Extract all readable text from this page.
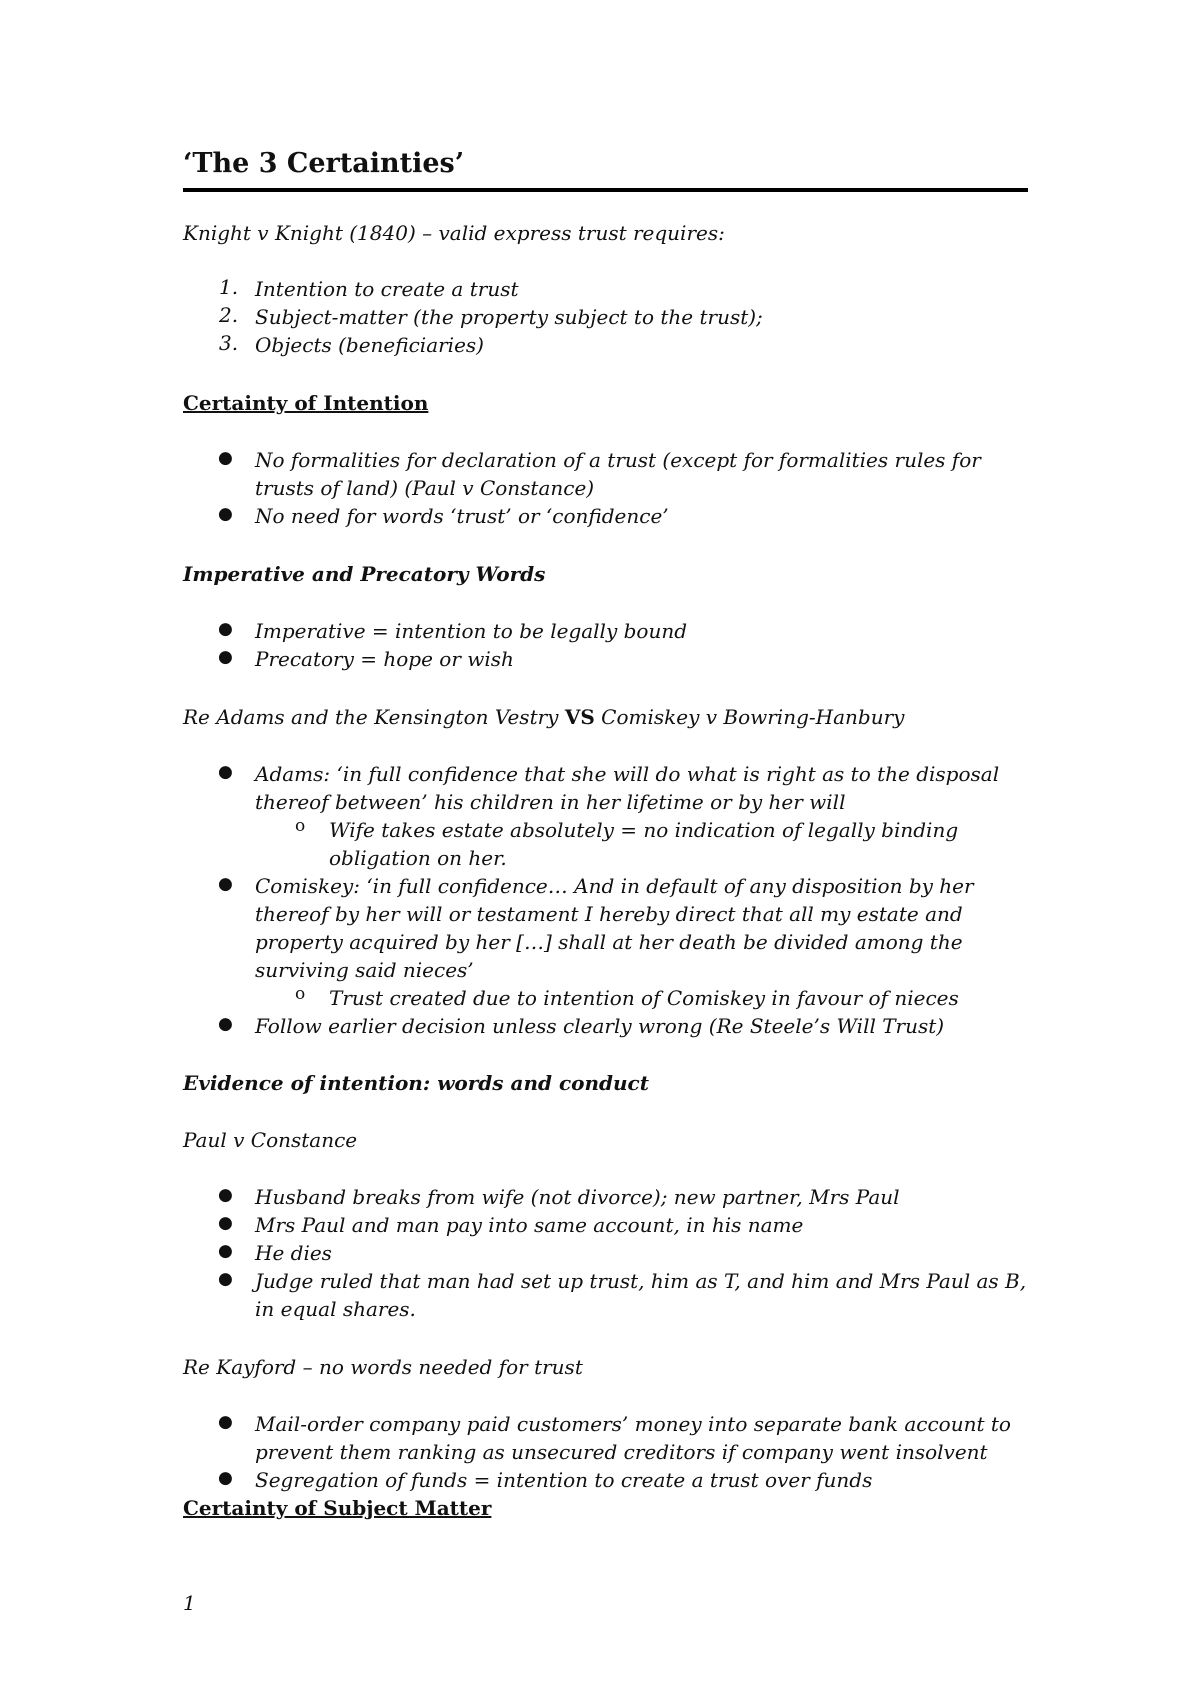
‘The 3 Certainties’
Knight v Knight (1840) – valid express trust requires:
1. Intention to create a trust
2. Subject-matter (the property subject to the trust);
3. Objects (beneficiaries)
Certainty of Intention
● No formalities for declaration of a trust (except for formalities rules for
trusts of land) (Paul v Constance)
● No need for words ‘trust’ or ‘confidence’
Imperative and Precatory Words
● Imperative = intention to be legally bound
● Precatory = hope or wish
Re Adams and the Kensington Vestry VS Comiskey v Bowring-Hanbury
● Adams: ‘in full confidence that she will do what is right as to the disposal
thereof between’ his children in her lifetime or by her will
o Wife takes estate absolutely = no indication of legally binding
obligation on her.
● Comiskey: ‘in full confidence… And in default of any disposition by her
thereof by her will or testament I hereby direct that all my estate and
property acquired by her […] shall at her death be divided among the
surviving said nieces’
o Trust created due to intention of Comiskey in favour of nieces
● Follow earlier decision unless clearly wrong (Re Steele’s Will Trust)
Evidence of intention: words and conduct
Paul v Constance
● Husband breaks from wife (not divorce); new partner, Mrs Paul
● Mrs Paul and man pay into same account, in his name
● He dies
● Judge ruled that man had set up trust, him as T, and him and Mrs Paul as B,
in equal shares.
Re Kayford – no words needed for trust
● Mail-order company paid customers’ money into separate bank account to
prevent them ranking as unsecured creditors if company went insolvent
● Segregation of funds = intention to create a trust over funds
Certainty of Subject Matter
1
